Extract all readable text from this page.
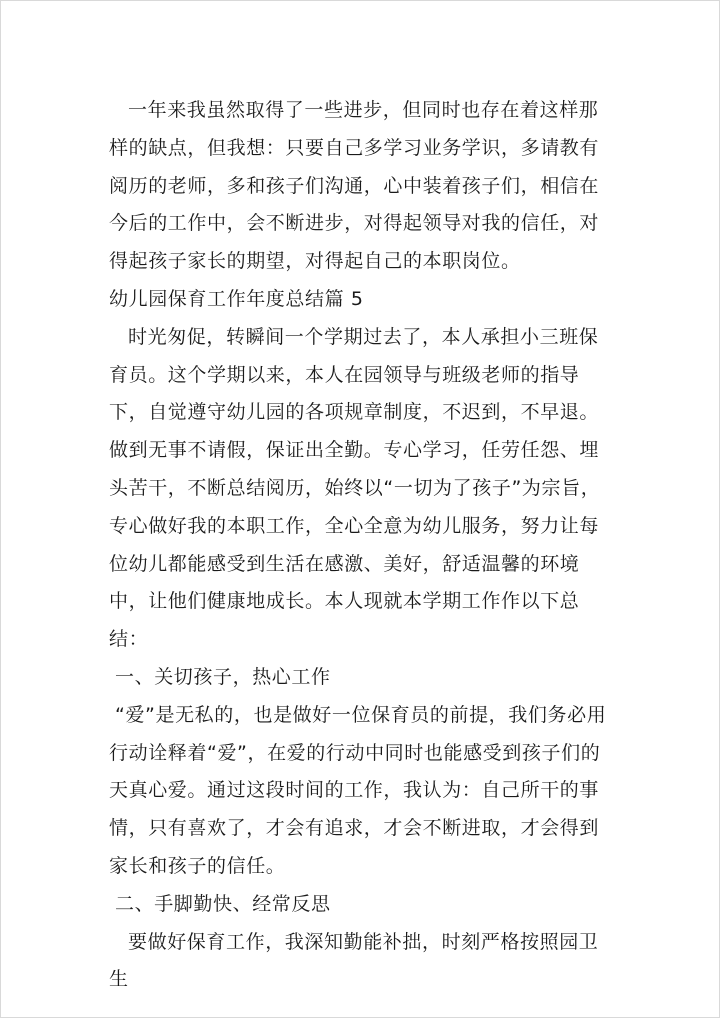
一年来我虽然取得了一些进步，但同时也存在着这样那样的缺点，但我想：只要自己多学习业务学识，多请教有阅历的老师，多和孩子们沟通，心中装着孩子们，相信在今后的工作中，会不断进步，对得起领导对我的信任，对得起孩子家长的期望，对得起自己的本职岗位。

幼儿园保育工作年度总结篇 5

时光匆促，转瞬间一个学期过去了，本人承担小三班保育员。这个学期以来，本人在园领导与班级老师的指导下，自觉遵守幼儿园的各项规章制度，不迟到，不早退。做到无事不请假，保证出全勤。专心学习，任劳任怨、埋头苦干，不断总结阅历，始终以“一切为了孩子”为宗旨，专心做好我的本职工作，全心全意为幼儿服务，努力让每位幼儿都能感受到生活在感激、美好，舒适温馨的环境中，让他们健康地成长。本人现就本学期工作作以下总结：

一、关切孩子，热心工作

“爱”是无私的，也是做好一位保育员的前提，我们务必用行动诠释着“爱”，在爱的行动中同时也能感受到孩子们的天真心爱。通过这段时间的工作，我认为：自己所干的事情，只有喜欢了，才会有追求，才会不断进取，才会得到家长和孩子的信任。

二、手脚勤快、经常反思

要做好保育工作，我深知勤能补拙，时刻严格按照园卫生
